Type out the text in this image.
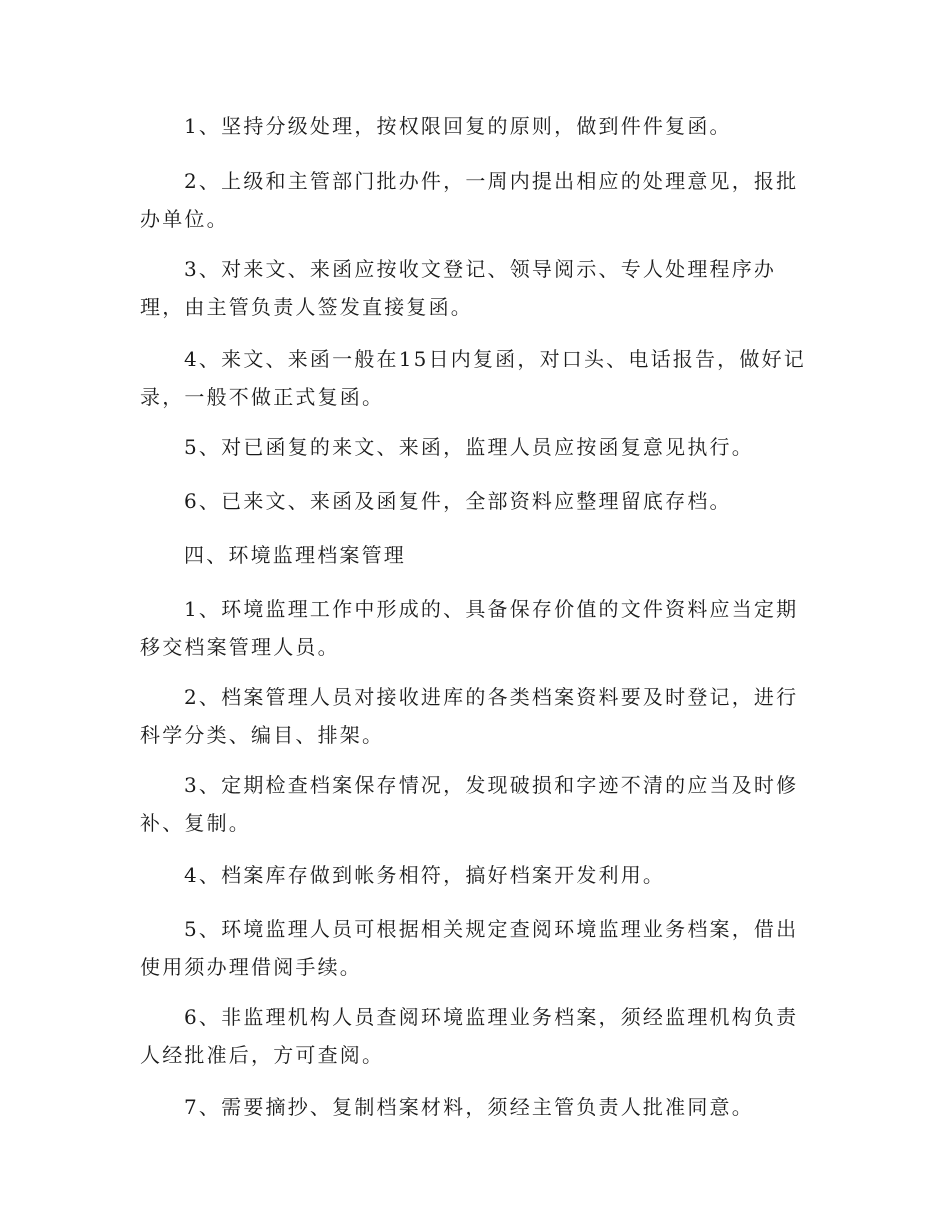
1、坚持分级处理，按权限回复的原则，做到件件复函。

2、上级和主管部门批办件，一周内提出相应的处理意见，报批办单位。

3、对来文、来函应按收文登记、领导阅示、专人处理程序办理，由主管负责人签发直接复函。

4、来文、来函一般在15日内复函，对口头、电话报告，做好记录，一般不做正式复函。

5、对已函复的来文、来函，监理人员应按函复意见执行。

6、已来文、来函及函复件，全部资料应整理留底存档。

四、环境监理档案管理

1、环境监理工作中形成的、具备保存价值的文件资料应当定期移交档案管理人员。

2、档案管理人员对接收进库的各类档案资料要及时登记，进行科学分类、编目、排架。

3、定期检查档案保存情况，发现破损和字迹不清的应当及时修补、复制。

4、档案库存做到帐务相符，搞好档案开发利用。

5、环境监理人员可根据相关规定查阅环境监理业务档案，借出使用须办理借阅手续。

6、非监理机构人员查阅环境监理业务档案，须经监理机构负责人经批准后，方可查阅。

7、需要摘抄、复制档案材料，须经主管负责人批准同意。
